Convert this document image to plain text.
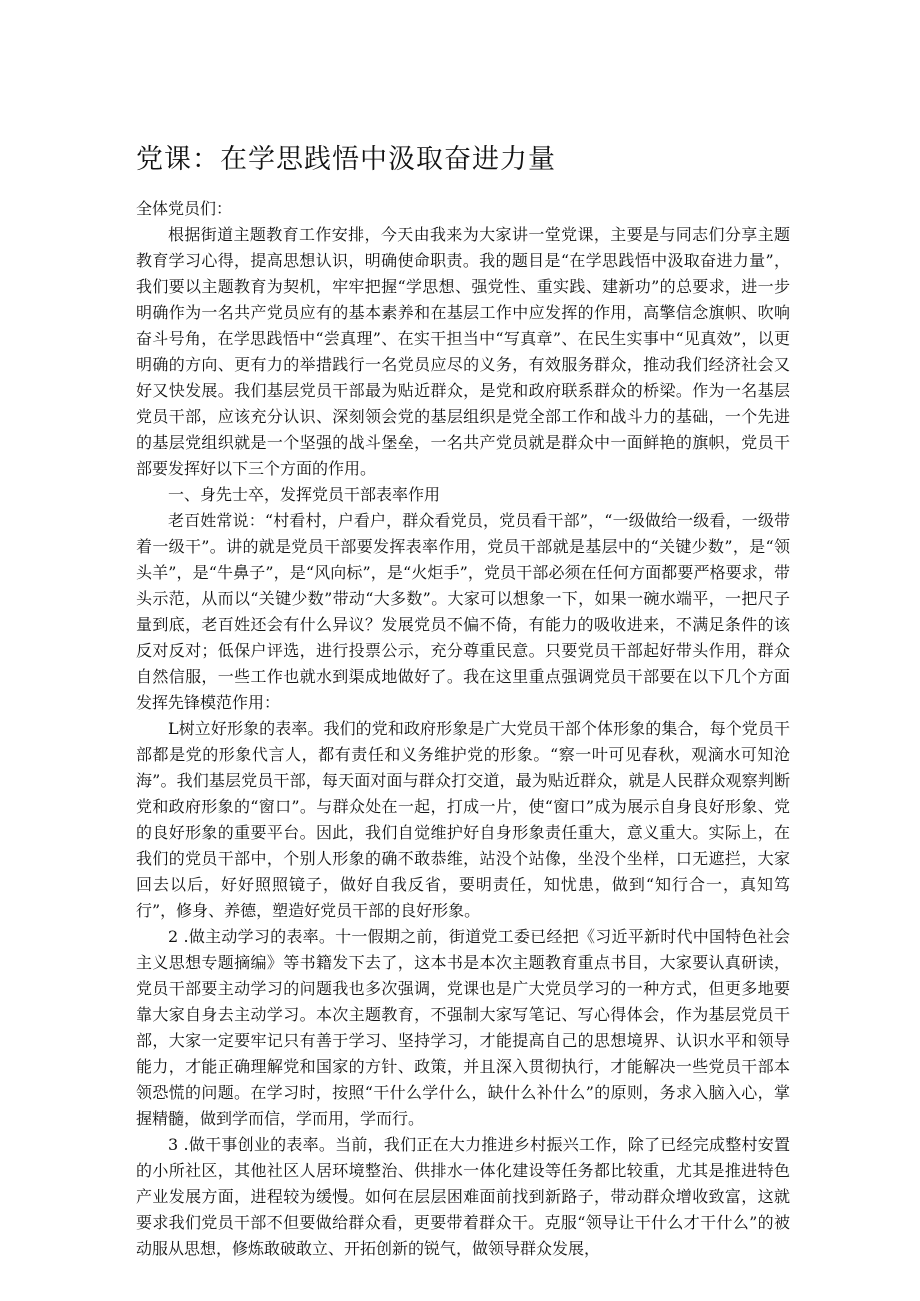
党课：在学思践悟中汲取奋进力量

全体党员们：

根据街道主题教育工作安排，今天由我来为大家讲一堂党课，主要是与同志们分享主题教育学习心得，提高思想认识，明确使命职责。我的题目是“在学思践悟中汲取奋进力量”，我们要以主题教育为契机，牢牢把握“学思想、强党性、重实践、建新功”的总要求，进一步明确作为一名共产党员应有的基本素养和在基层工作中应发挥的作用，高擎信念旗帜、吹响奋斗号角，在学思践悟中“尝真理”、在实干担当中“写真章”、在民生实事中“见真效”，以更明确的方向、更有力的举措践行一名党员应尽的义务，有效服务群众，推动我们经济社会又好又快发展。我们基层党员干部最为贴近群众，是党和政府联系群众的桥梁。作为一名基层党员干部，应该充分认识、深刻领会党的基层组织是党全部工作和战斗力的基础，一个先进的基层党组织就是一个坚强的战斗堡垒，一名共产党员就是群众中一面鲜艳的旗帜，党员干部要发挥好以下三个方面的作用。

一、身先士卒，发挥党员干部表率作用

老百姓常说：“村看村，户看户，群众看党员，党员看干部”，“一级做给一级看，一级带着一级干”。讲的就是党员干部要发挥表率作用，党员干部就是基层中的“关键少数”，是“领头羊”，是“牛鼻子”，是“风向标”，是“火炬手”，党员干部必须在任何方面都要严格要求，带头示范，从而以“关键少数”带动“大多数”。大家可以想象一下，如果一碗水端平，一把尺子量到底，老百姓还会有什么异议？发展党员不偏不倚，有能力的吸收进来，不满足条件的该反对反对；低保户评选，进行投票公示，充分尊重民意。只要党员干部起好带头作用，群众自然信服，一些工作也就水到渠成地做好了。我在这里重点强调党员干部要在以下几个方面发挥先锋模范作用：

L树立好形象的表率。我们的党和政府形象是广大党员干部个体形象的集合，每个党员干部都是党的形象代言人，都有责任和义务维护党的形象。“察一叶可见春秋，观滴水可知沧海”。我们基层党员干部，每天面对面与群众打交道，最为贴近群众，就是人民群众观察判断党和政府形象的“窗口”。与群众处在一起，打成一片，使“窗口”成为展示自身良好形象、党的良好形象的重要平台。因此，我们自觉维护好自身形象责任重大，意义重大。实际上，在我们的党员干部中，个别人形象的确不敢恭维，站没个站像，坐没个坐样，口无遮拦，大家回去以后，好好照照镜子，做好自我反省，要明责任，知忧患，做到“知行合一，真知笃行”，修身、养德，塑造好党员干部的良好形象。

2 .做主动学习的表率。十一假期之前，街道党工委已经把《习近平新时代中国特色社会主义思想专题摘编》等书籍发下去了，这本书是本次主题教育重点书目，大家要认真研读，党员干部要主动学习的问题我也多次强调，党课也是广大党员学习的一种方式，但更多地要靠大家自身去主动学习。本次主题教育，不强制大家写笔记、写心得体会，作为基层党员干部，大家一定要牢记只有善于学习、坚持学习，才能提高自己的思想境界、认识水平和领导能力，才能正确理解党和国家的方针、政策，并且深入贯彻执行，才能解决一些党员干部本领恐慌的问题。在学习时，按照“干什么学什么，缺什么补什么”的原则，务求入脑入心，掌握精髓，做到学而信，学而用，学而行。

3 .做干事创业的表率。当前，我们正在大力推进乡村振兴工作，除了已经完成整村安置的小所社区，其他社区人居环境整治、供排水一体化建设等任务都比较重，尤其是推进特色产业发展方面，进程较为缓慢。如何在层层困难面前找到新路子，带动群众增收致富，这就要求我们党员干部不但要做给群众看，更要带着群众干。克服“领导让干什么才干什么”的被动服从思想，修炼敢破敢立、开拓创新的锐气，做领导群众发展，
